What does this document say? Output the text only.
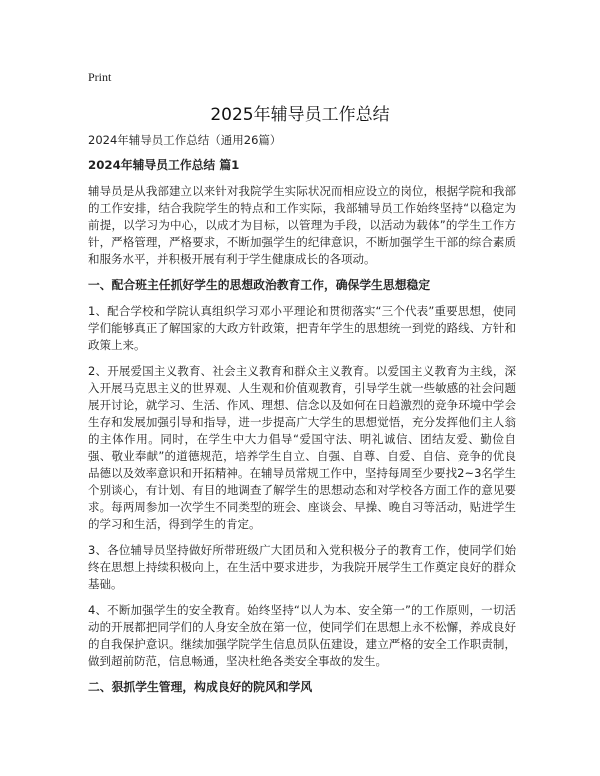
Print
2025年辅导员工作总结

2024年辅导员工作总结（通用26篇）

2024年辅导员工作总结 篇1

辅导员是从我部建立以来针对我院学生实际状况而相应设立的岗位，根据学院和我部的工作安排，结合我院学生的特点和工作实际，我部辅导员工作始终坚持“以稳定为前提，以学习为中心，以成才为目标，以管理为手段，以活动为载体”的学生工作方针，严格管理，严格要求，不断加强学生的纪律意识，不断加强学生干部的综合素质和服务水平，并积极开展有利于学生健康成长的各项动。

一、配合班主任抓好学生的思想政治教育工作，确保学生思想稳定

1、配合学校和学院认真组织学习邓小平理论和贯彻落实“三个代表”重要思想，使同学们能够真正了解国家的大政方针政策，把青年学生的思想统一到党的路线、方针和政策上来。

2、开展爱国主义教育、社会主义教育和群众主义教育。以爱国主义教育为主线，深入开展马克思主义的世界观、人生观和价值观教育，引导学生就一些敏感的社会问题展开讨论，就学习、生活、作风、理想、信念以及如何在日趋激烈的竞争环境中学会生存和发展加强引导和指导，进一步提高广大学生的思想觉悟，充分发挥他们主人翁的主体作用。同时，在学生中大力倡导“爱国守法、明礼诚信、团结友爱、勤俭自强、敬业奉献”的道德规范，培养学生自立、自强、自尊、自爱、自信、竞争的优良品德以及效率意识和开拓精神。在辅导员常规工作中，坚持每周至少要找2~3名学生个别谈心，有计划、有目的地调查了解学生的思想动态和对学校各方面工作的意见要求。每两周参加一次学生不同类型的班会、座谈会、早操、晚自习等活动，贴进学生的学习和生活，得到学生的肯定。

3、各位辅导员坚持做好所带班级广大团员和入党积极分子的教育工作，使同学们始终在思想上持续积极向上，在生活中要求进步，为我院开展学生工作奠定良好的群众基础。

4、不断加强学生的安全教育。始终坚持“以人为本、安全第一”的工作原则，一切活动的开展都把同学们的人身安全放在第一位，使同学们在思想上永不松懈，养成良好的自我保护意识。继续加强学院学生信息员队伍建设，建立严格的安全工作职责制，做到超前防范，信息畅通，坚决杜绝各类安全事故的发生。

二、狠抓学生管理，构成良好的院风和学风
